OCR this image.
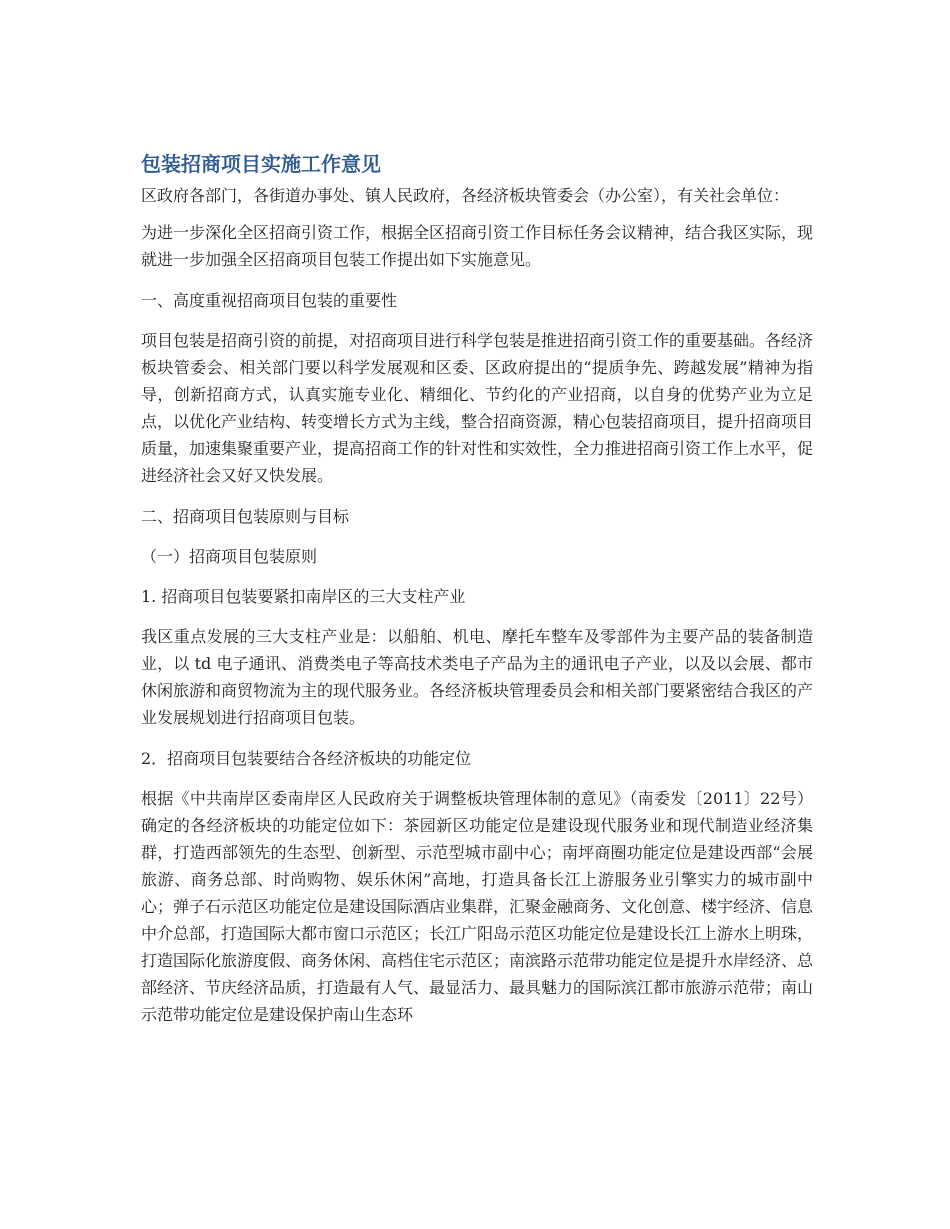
包装招商项目实施工作意见

区政府各部门，各街道办事处、镇人民政府，各经济板块管委会（办公室），有关社会单位：

为进一步深化全区招商引资工作，根据全区招商引资工作目标任务会议精神，结合我区实际，现就进一步加强全区招商项目包装工作提出如下实施意见。

一、高度重视招商项目包装的重要性

项目包装是招商引资的前提，对招商项目进行科学包装是推进招商引资工作的重要基础。各经济板块管委会、相关部门要以科学发展观和区委、区政府提出的“提质争先、跨越发展”精神为指导，创新招商方式，认真实施专业化、精细化、节约化的产业招商，以自身的优势产业为立足点，以优化产业结构、转变增长方式为主线，整合招商资源，精心包装招商项目，提升招商项目质量，加速集聚重要产业，提高招商工作的针对性和实效性，全力推进招商引资工作上水平，促进经济社会又好又快发展。

二、招商项目包装原则与目标

（一）招商项目包装原则

1. 招商项目包装要紧扣南岸区的三大支柱产业

我区重点发展的三大支柱产业是：以船舶、机电、摩托车整车及零部件为主要产品的装备制造业，以 td 电子通讯、消费类电子等高技术类电子产品为主的通讯电子产业，以及以会展、都市休闲旅游和商贸物流为主的现代服务业。各经济板块管理委员会和相关部门要紧密结合我区的产业发展规划进行招商项目包装。

2．招商项目包装要结合各经济板块的功能定位

根据《中共南岸区委南岸区人民政府关于调整板块管理体制的意见》（南委发〔2011〕22号）确定的各经济板块的功能定位如下：茶园新区功能定位是建设现代服务业和现代制造业经济集群，打造西部领先的生态型、创新型、示范型城市副中心；南坪商圈功能定位是建设西部“会展旅游、商务总部、时尚购物、娱乐休闲”高地，打造具备长江上游服务业引擎实力的城市副中心；弹子石示范区功能定位是建设国际酒店业集群，汇聚金融商务、文化创意、楼宇经济、信息中介总部，打造国际大都市窗口示范区；长江广阳岛示范区功能定位是建设长江上游水上明珠，打造国际化旅游度假、商务休闲、高档住宅示范区；南滨路示范带功能定位是提升水岸经济、总部经济、节庆经济品质，打造最有人气、最显活力、最具魅力的国际滨江都市旅游示范带；南山示范带功能定位是建设保护南山生态环
